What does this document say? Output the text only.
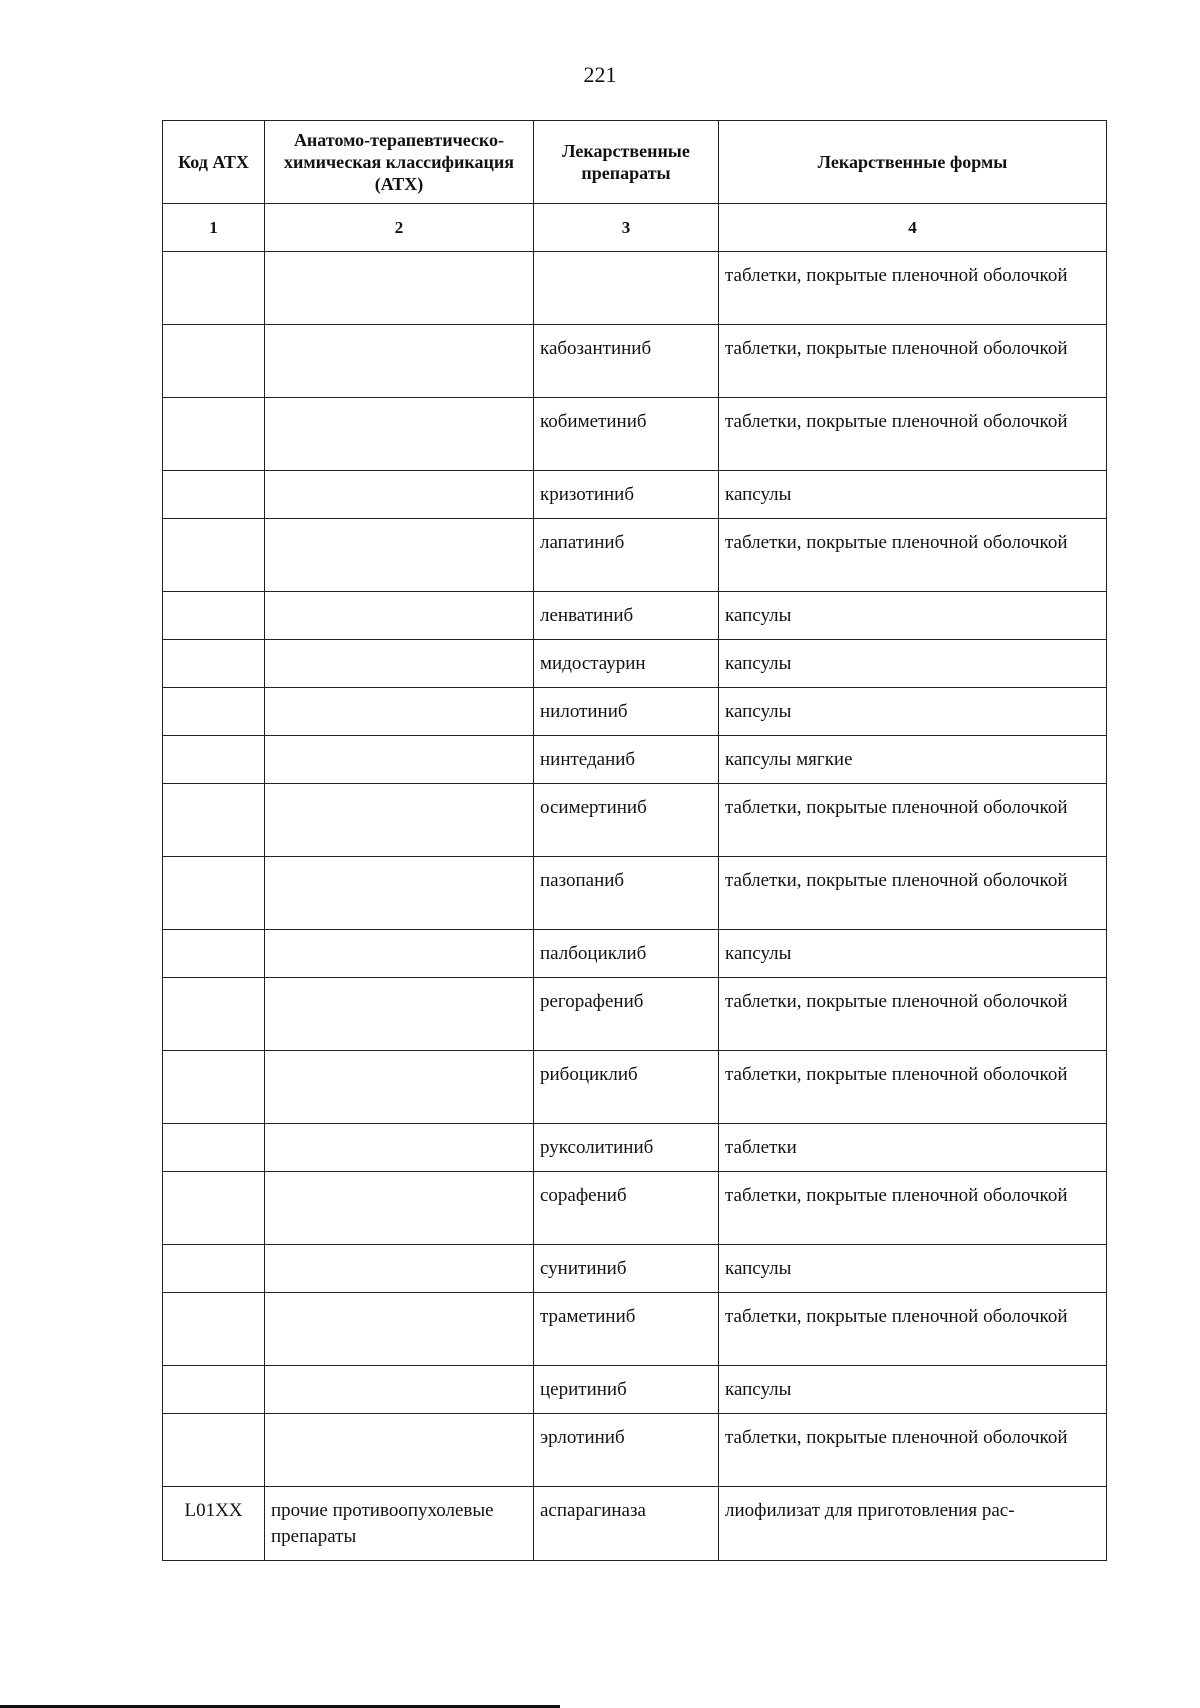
221
Код АТХ	Анатомо-терапевтическо-химическая классификация (АТХ)	Лекарственные препараты	Лекарственные формы
1	2	3	4
			таблетки, покрытые пленочной оболочкой
		кабозантиниб	таблетки, покрытые пленочной оболочкой
		кобиметиниб	таблетки, покрытые пленочной оболочкой
		кризотиниб	капсулы
		лапатиниб	таблетки, покрытые пленочной оболочкой
		ленватиниб	капсулы
		мидостаурин	капсулы
		нилотиниб	капсулы
		нинтеданиб	капсулы мягкие
		осимертиниб	таблетки, покрытые пленочной оболочкой
		пазопаниб	таблетки, покрытые пленочной оболочкой
		палбоциклиб	капсулы
		регорафениб	таблетки, покрытые пленочной оболочкой
		рибоциклиб	таблетки, покрытые пленочной оболочкой
		руксолитиниб	таблетки
		сорафениб	таблетки, покрытые пленочной оболочкой
		сунитиниб	капсулы
		траметиниб	таблетки, покрытые пленочной оболочкой
		церитиниб	капсулы
		эрлотиниб	таблетки, покрытые пленочной оболочкой
L01XX	прочие противоопухолевые препараты	аспарагиназа	лиофилизат для приготовления рас-
